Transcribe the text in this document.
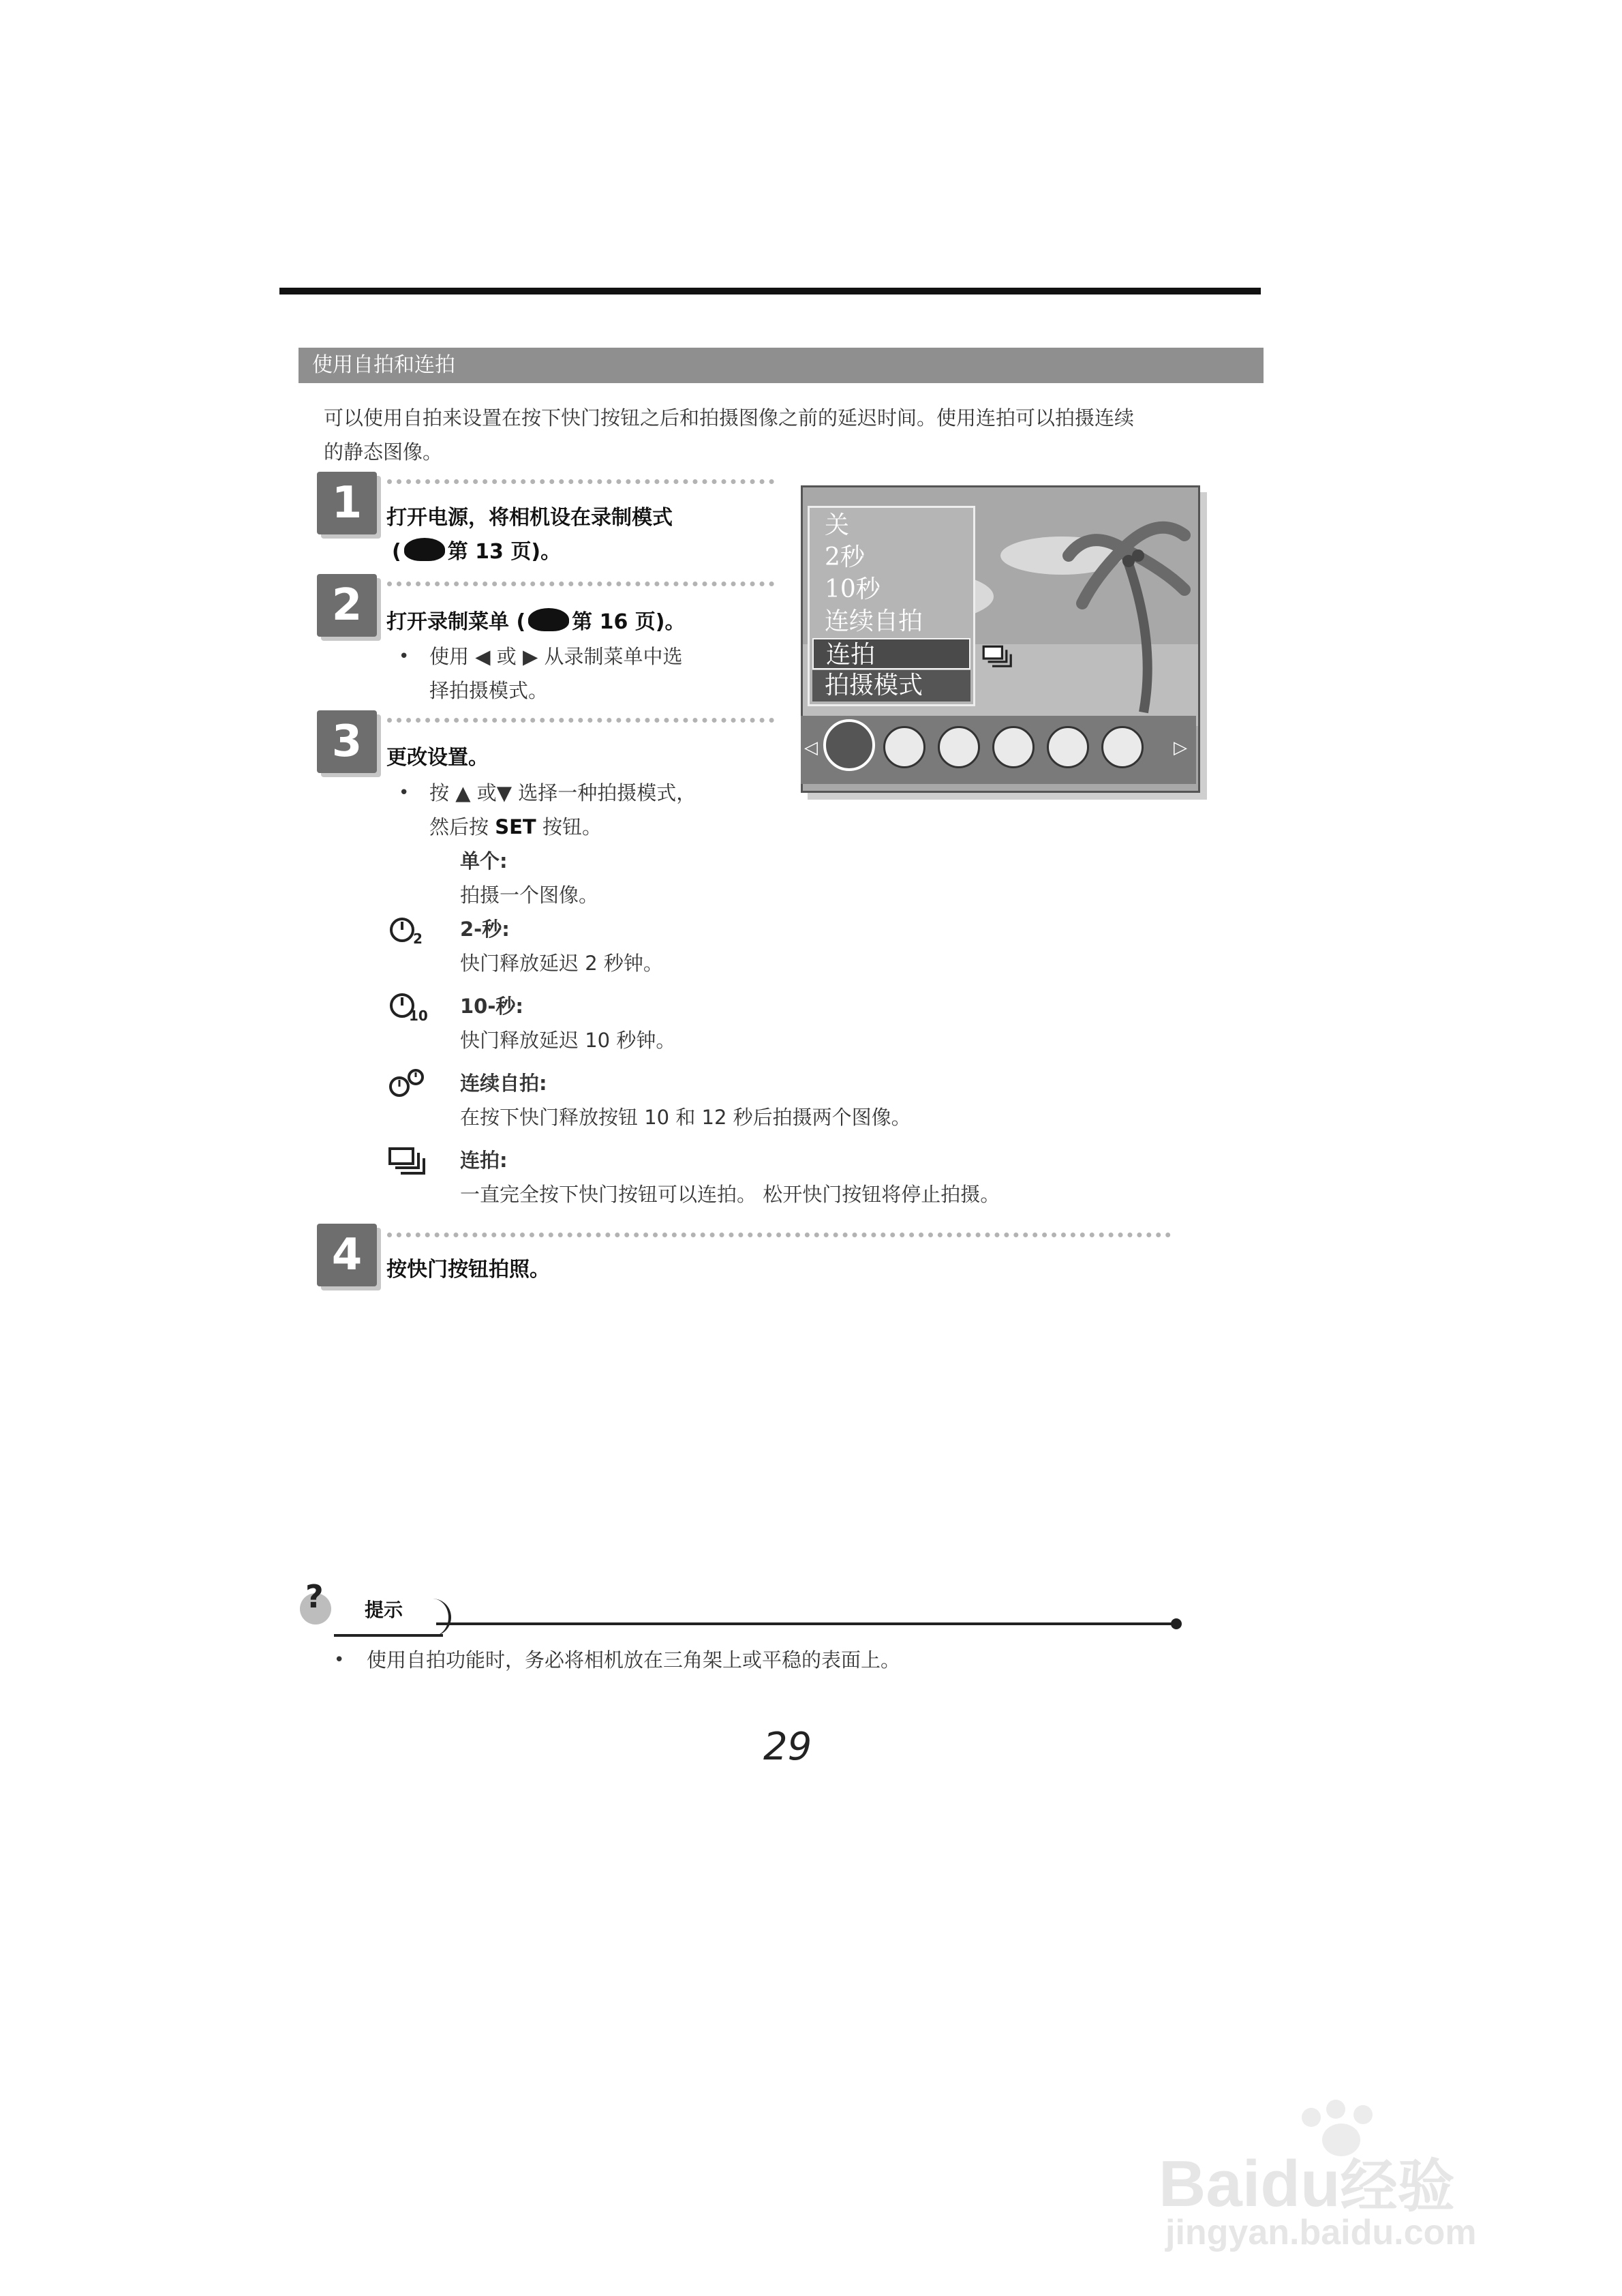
使用自拍和连拍
可以使用自拍来设置在按下快门按钮之后和拍摄图像之前的延迟时间。使用连拍可以拍摄连续
的静态图像。
1	打开电源，将相机设在录制模式
( 第 13 页)。
2	打开录制菜单 ( 第 16 页)。
• 使用 ◀ 或 ▶ 从录制菜单中选
择拍摄模式。
3	更改设置。
• 按 ▲ 或▼ 选择一种拍摄模式，
然后按 SET 按钮。
单个:
拍摄一个图像。
2 2-秒:
快门释放延迟 2 秒钟。
10 10-秒:
快门释放延迟 10 秒钟。
连续自拍:
在按下快门释放按钮 10 和 12 秒后拍摄两个图像。
连拍:
一直完全按下快门按钮可以连拍。 松开快门按钮将停止拍摄。
4	按快门按钮拍照。
关
2秒
10秒
连续自拍
连拍
拍摄模式
◁	▷
? 提示
• 使用自拍功能时，务必将相机放在三角架上或平稳的表面上。
29
Baidu经验
jingyan.baidu.com
